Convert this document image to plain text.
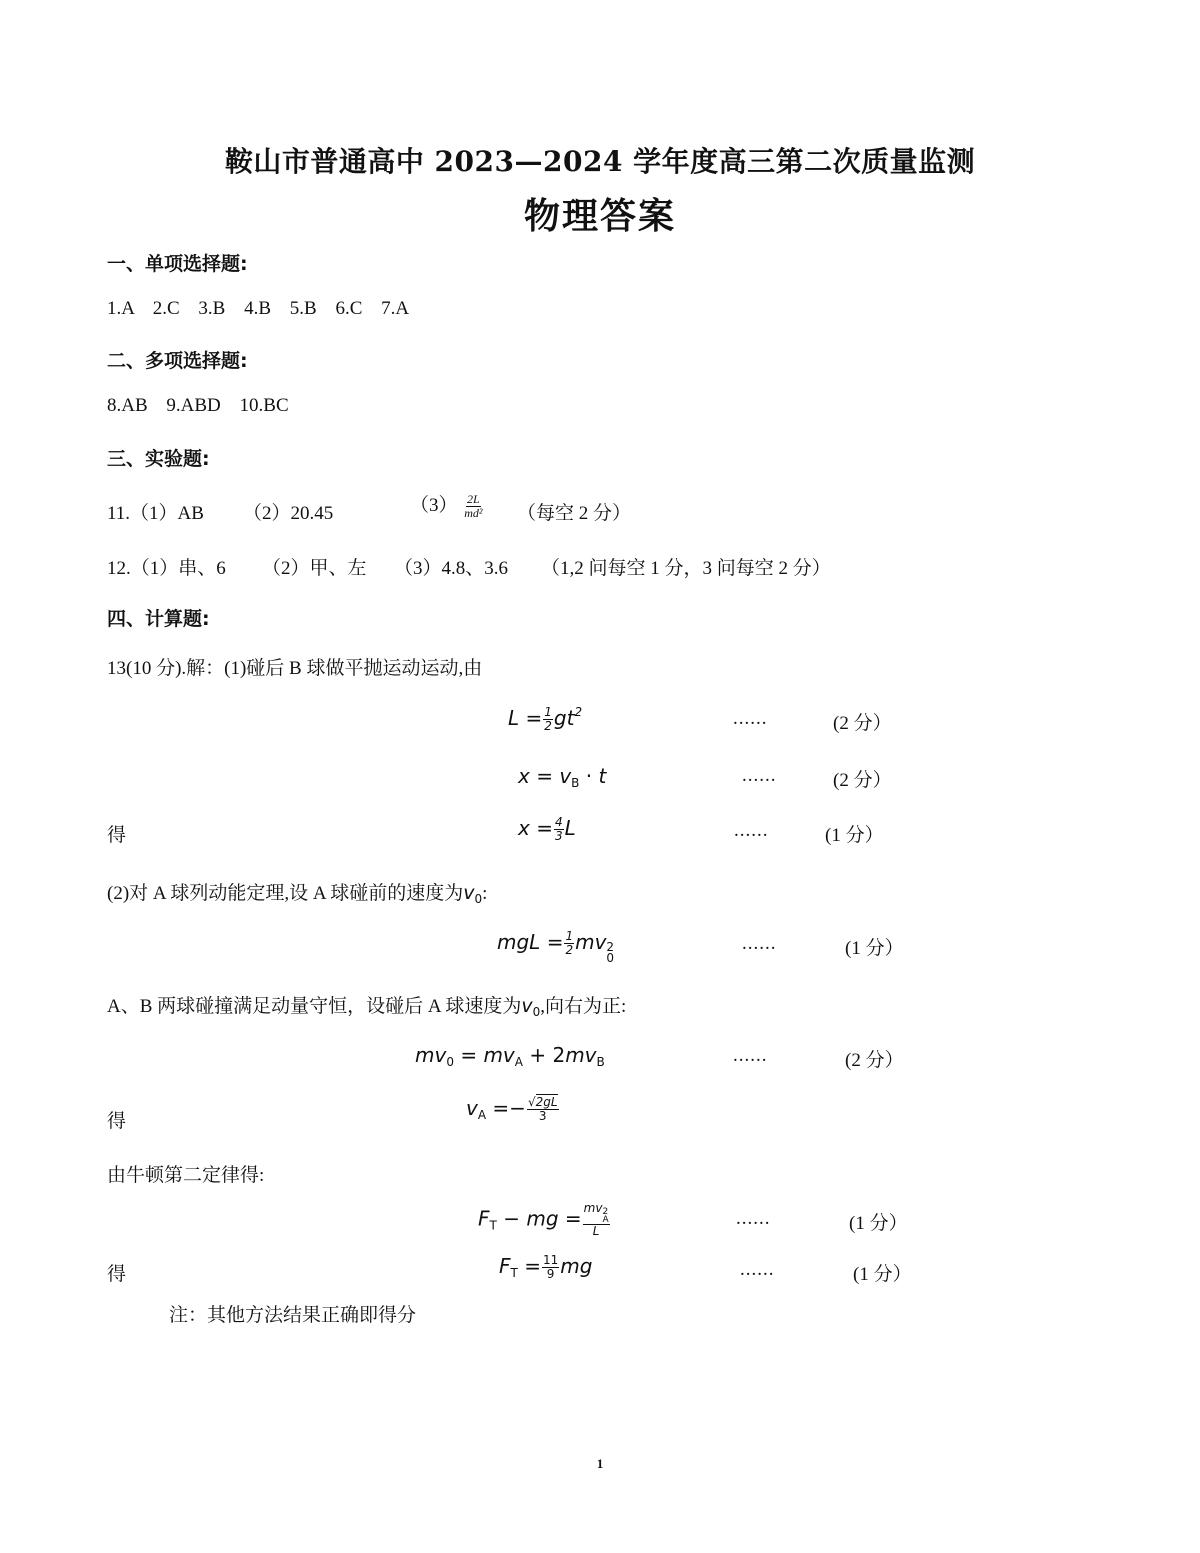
鞍山市普通高中 2023—2024 学年度高三第二次质量监测
物理答案
一、单项选择题:
1.A 2.C 3.B 4.B 5.B 6.C 7.A
二、多项选择题:
8.AB 9.ABD 10.BC
三、实验题:
11.（1）AB （2）20.45	$(3) \frac{2L}{\text{md²}}$ （每空 2 分）
12.（1）串、6 （2）甲、左 （3）4.8、3.6 （1,2 问每空 1 分，3 问每空 2 分）
四、计算题:
13(10 分).解：(1)碰后 B 球做平抛运动运动,由
$L = \frac{1}{2} gt^2$	......	(2 分）
$x = v_B \cdot t$	......	(2 分）
得	$x = \frac{4}{3}$ L	......	(1 分）
(2)对 A 球列动能定理,设 A 球碰前的速度为$v_0$:
mgL = $\frac{1}{2}$ mv 2
0
......	(1 分）
A、B 两球碰撞满足动量守恒，设碰后 A 球速度为$v_0$,向右为正:
$mv_0 = mv_A + 2mv_B$	......	(2 分）
得
$v_A =- \frac{√2gL}{3}$
由牛顿第二定律得:
$F_T$ − mg = mv 2
A
L	......	(1 分）
得	$F_T = \frac{11}{9}$ mg	......	(1 分）
注：其他方法结果正确即得分
1
